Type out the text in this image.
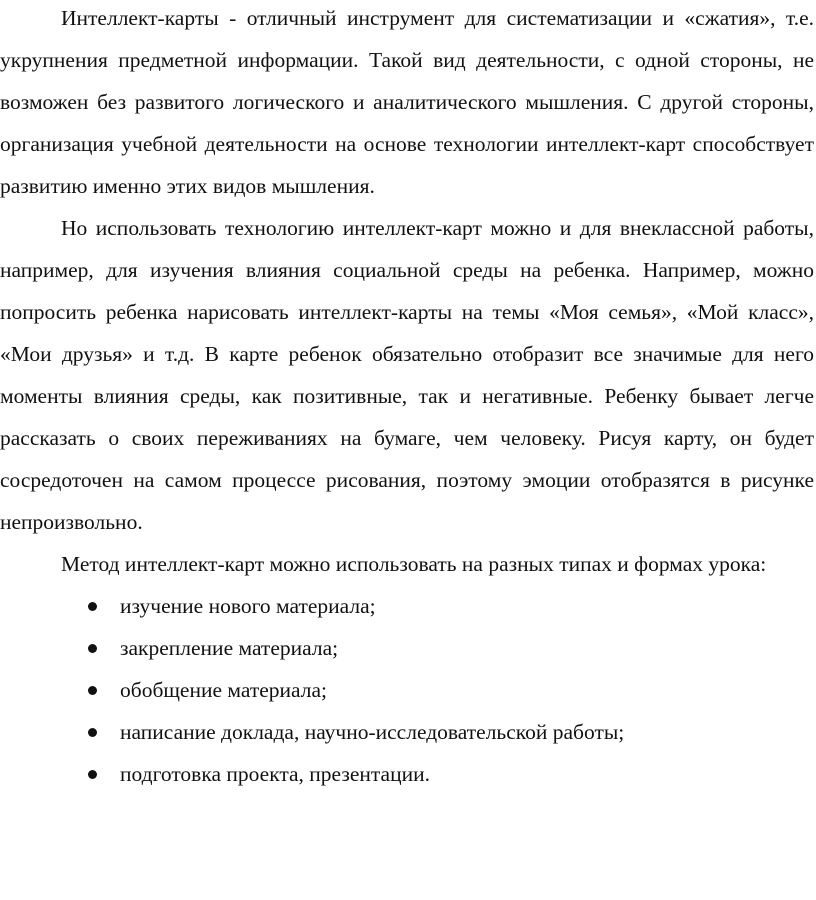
Интеллект-карты - отличный инструмент для систематизации и «сжатия», т.е. укрупнения предметной информации. Такой вид деятельности, с одной стороны, не возможен без развитого логического и аналитического мышления. С другой стороны, организация учебной деятельности на основе технологии интеллект-карт способствует развитию именно этих видов мышления.

Но использовать технологию интеллект-карт можно и для внеклассной работы, например, для изучения влияния социальной среды на ребенка. Например, можно попросить ребенка нарисовать интеллект-карты на темы «Моя семья», «Мой класс», «Мои друзья» и т.д. В карте ребенок обязательно отобразит все значимые для него моменты влияния среды, как позитивные, так и негативные. Ребенку бывает легче рассказать о своих переживаниях на бумаге, чем человеку. Рисуя карту, он будет сосредоточен на самом процессе рисования, поэтому эмоции отобразятся в рисунке непроизвольно.

Метод интеллект-карт можно использовать на разных типах и формах урока:

изучение нового материала;
закрепление материала;
обобщение материала;
написание доклада, научно-исследовательской работы;
подготовка проекта, презентации.
